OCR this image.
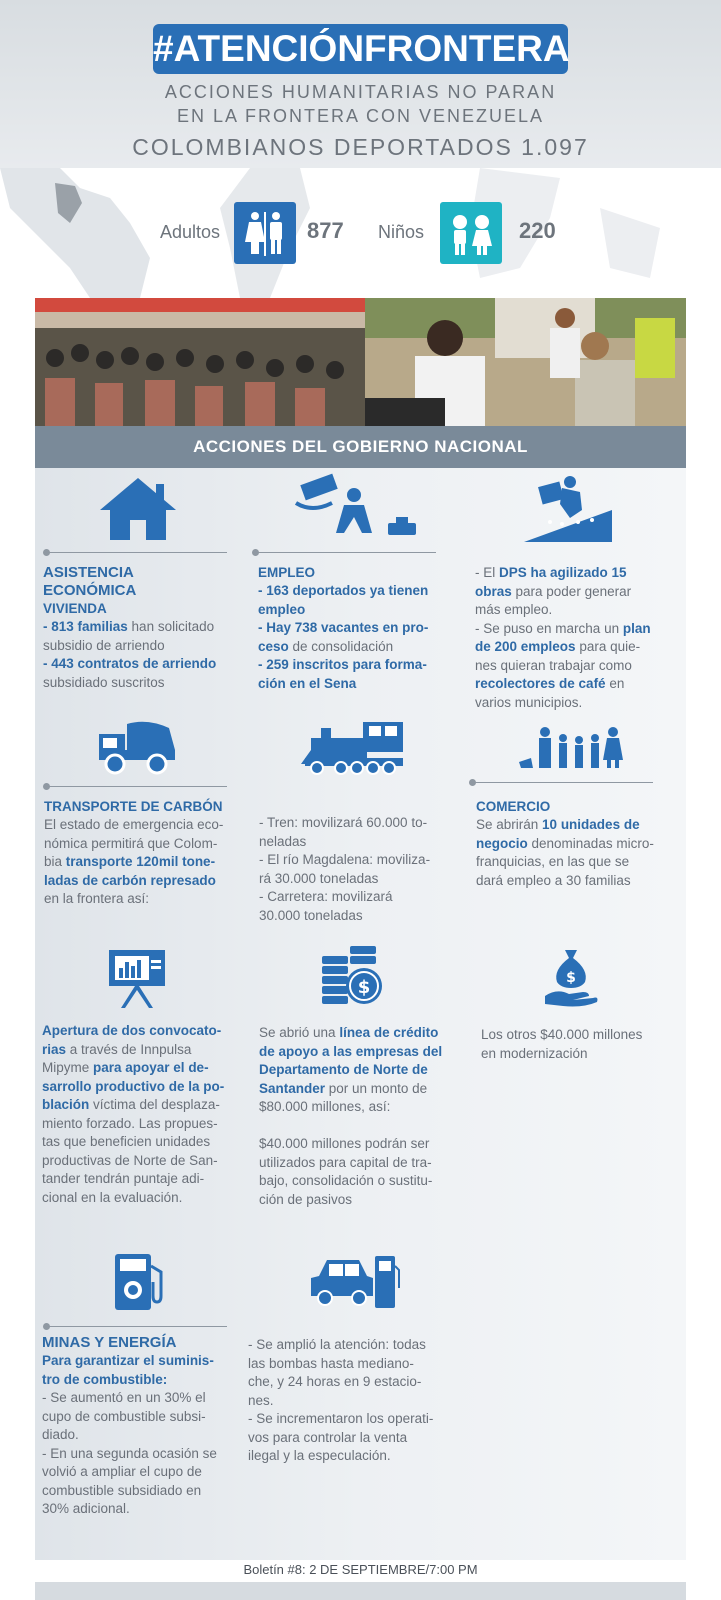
#ATENCIÓNFRONTERA
ACCIONES HUMANITARIAS NO PARAN
EN LA FRONTERA CON VENEZUELA
COLOMBIANOS DEPORTADOS 1.097
Adultos	877 Niños	220
ACCIONES DEL GOBIERNO NACIONAL
ASISTENCIA
ECONÓMICA
VIVIENDA
- 813 familias han solicitado
subsidio de arriendo
- 443 contratos de arriendo
subsidiado suscritos
EMPLEO
- 163 deportados ya tienen
empleo
- Hay 738 vacantes en pro-
ceso de consolidación
- 259 inscritos para forma-
ción en el Sena
- El DPS ha agilizado 15
obras para poder generar
más empleo.
- Se puso en marcha un plan
de 200 empleos para quie-
nes quieran trabajar como
recolectores de café en
varios municipios.
TRANSPORTE DE CARBÓN
El estado de emergencia eco-
nómica permitirá que Colom-
bia transporte 120mil tone-
ladas de carbón represado
en la frontera así:
- Tren: movilizará 60.000 to-
neladas
- El río Magdalena: moviliza-
rá 30.000 toneladas
- Carretera: movilizará
30.000 toneladas
COMERCIO
Se abrirán 10 unidades de
negocio denominadas micro-
franquicias, en las que se
dará empleo a 30 familias
$	$
Apertura de dos convocato-
rias a través de Innpulsa
Mipyme para apoyar el de-
sarrollo productivo de la po-
blación víctima del desplaza-
miento forzado. Las propues-
tas que beneficien unidades
productivas de Norte de San-
tander tendrán puntaje adi-
cional en la evaluación.
Se abrió una línea de crédito
de apoyo a las empresas del
Departamento de Norte de
Santander por un monto de
$80.000 millones, así:
$40.000 millones podrán ser
utilizados para capital de tra-
bajo, consolidación o sustitu-
ción de pasivos
Los otros $40.000 millones
en modernización
MINAS Y ENERGÍA
Para garantizar el suminis-
tro de combustible:
- Se aumentó en un 30% el
cupo de combustible subsi-
diado.
- En una segunda ocasión se
volvió a ampliar el cupo de
combustible subsidiado en
30% adicional.
- Se amplió la atención: todas
las bombas hasta mediano-
che, y 24 horas en 9 estacio-
nes.
- Se incrementaron los operati-
vos para controlar la venta
ilegal y la especulación.
Boletín #8: 2 DE SEPTIEMBRE/7:00 PM
